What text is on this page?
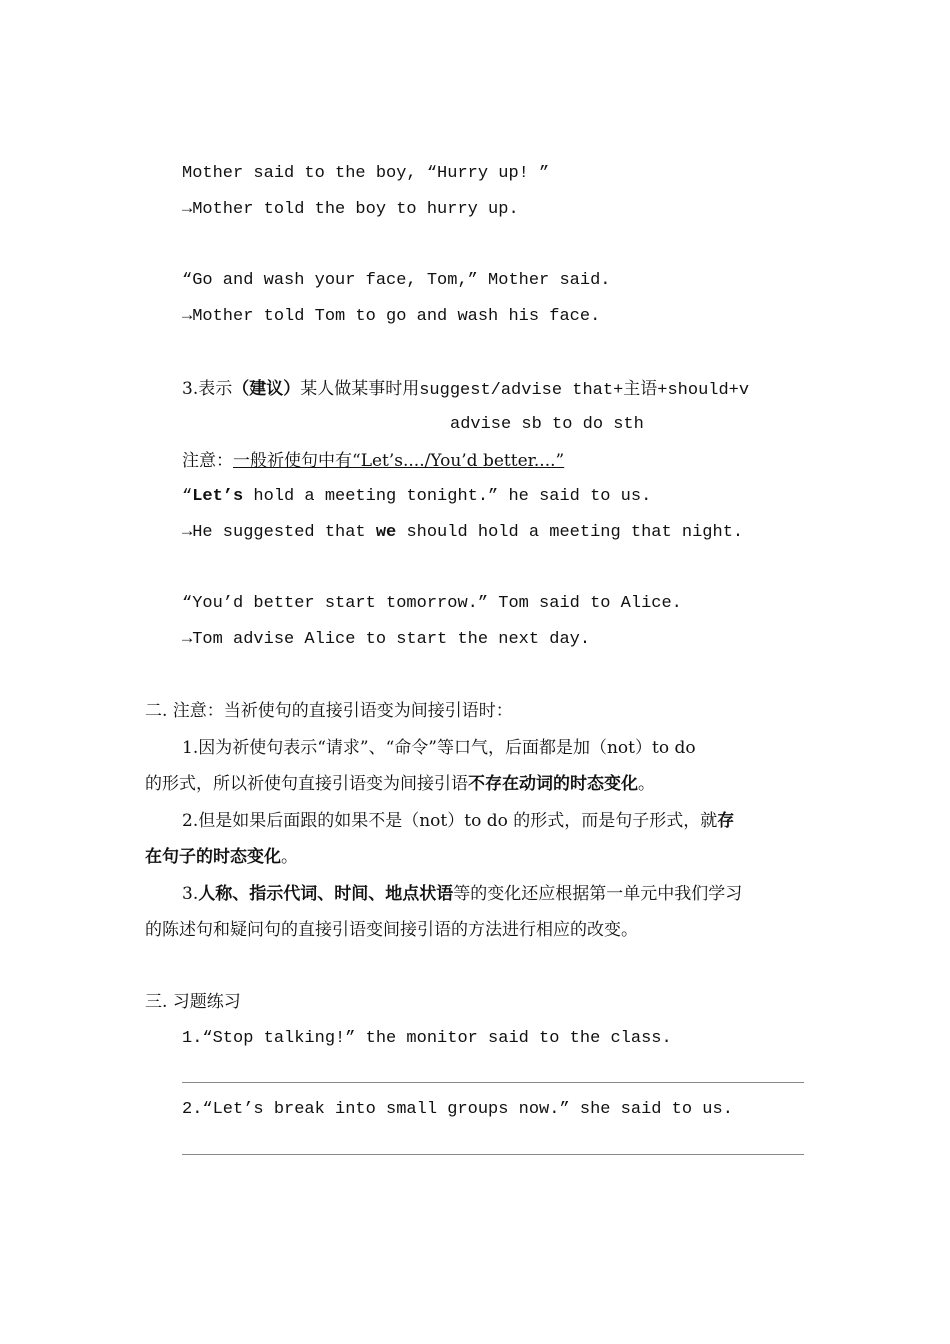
Mother said to the boy, “Hurry up! ”
→Mother told the boy to hurry up.
“Go and wash your face, Tom,” Mother said.
→Mother told Tom to go and wash his face.
3.表示（建议）某人做某事时用suggest/advise that+主语+should+v
advise sb to do sth
注意：一般祈使句中有“Let’s..../You’d better....”
“Let’s hold a meeting tonight.” he said to us.
→He suggested that we should hold a meeting that night.
“You’d better start tomorrow.” Tom said to Alice.
→Tom advise Alice to start the next day.
二. 注意：当祈使句的直接引语变为间接引语时：
1.因为祈使句表示“请求”、“命令”等口气，后面都是加（not）to do
的形式，所以祈使句直接引语变为间接引语不存在动词的时态变化。
2.但是如果后面跟的如果不是（not）to do 的形式，而是句子形式，就存
在句子的时态变化。
3.人称、指示代词、时间、地点状语等的变化还应根据第一单元中我们学习
的陈述句和疑问句的直接引语变间接引语的方法进行相应的改变。
三. 习题练习
1.“Stop talking!” the monitor said to the class.
2.“Let’s break into small groups now.” she said to us.
